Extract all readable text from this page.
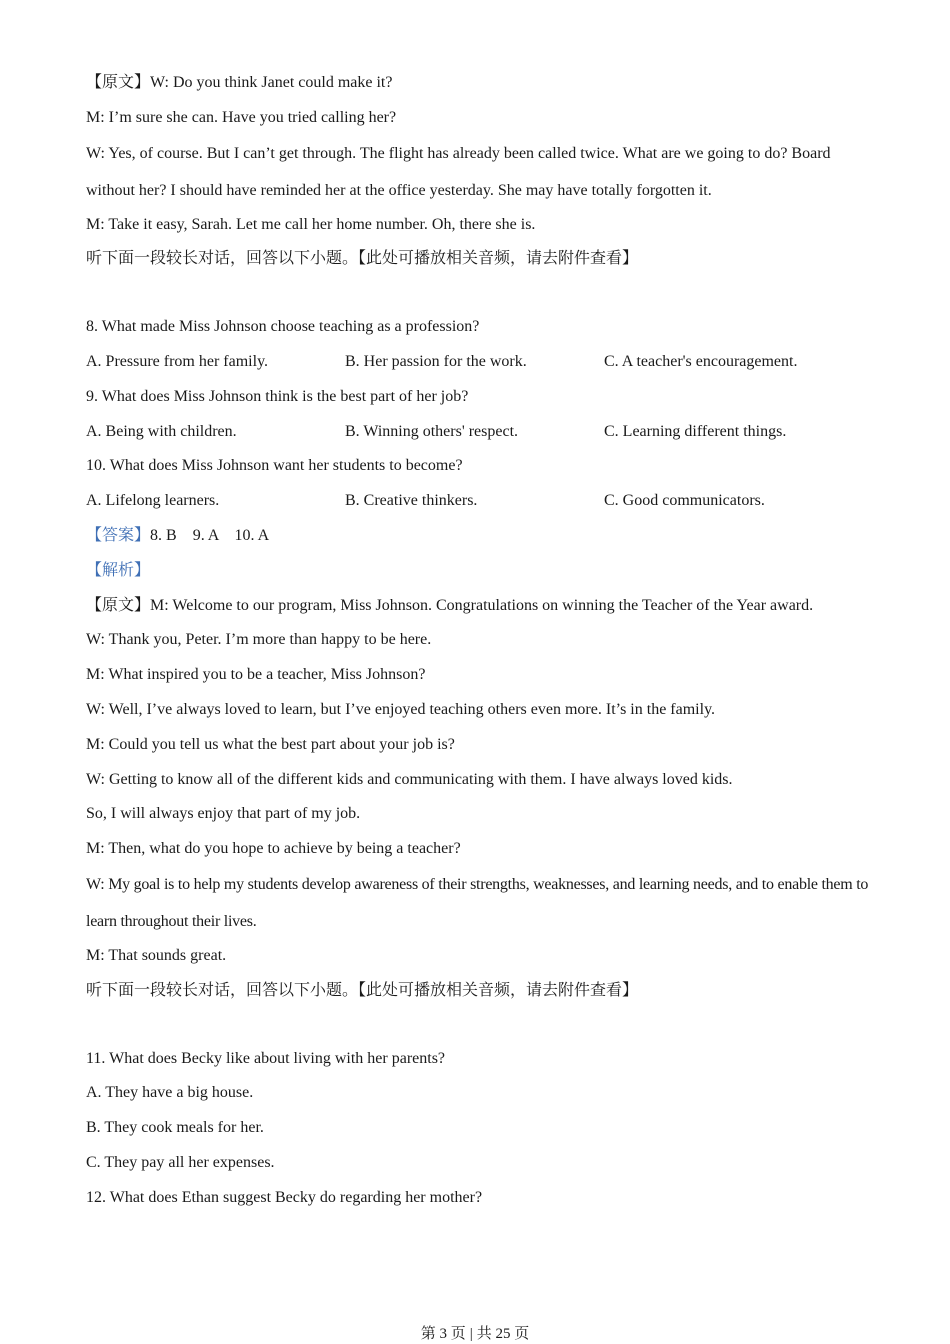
【原文】W: Do you think Janet could make it?
M: I’m sure she can. Have you tried calling her?
W: Yes, of course. But I can’t get through. The flight has already been called twice. What are we going to do? Board without her? I should have reminded her at the office yesterday. She may have totally forgotten it.
M: Take it easy, Sarah. Let me call her home number. Oh, there she is.
听下面一段较长对话，回答以下小题。【此处可播放相关音频，请去附件查看】
8. What made Miss Johnson choose teaching as a profession?
A. Pressure from her family.	B. Her passion for the work.	C. A teacher's encouragement.
9. What does Miss Johnson think is the best part of her job?
A. Being with children.	B. Winning others' respect.	C. Learning different things.
10. What does Miss Johnson want her students to become?
A. Lifelong learners.	B. Creative thinkers.	C. Good communicators.
【答案】8. B    9. A    10. A
【解析】
【原文】M: Welcome to our program, Miss Johnson. Congratulations on winning the Teacher of the Year award.
W: Thank you, Peter. I’m more than happy to be here.
M: What inspired you to be a teacher, Miss Johnson?
W: Well, I’ve always loved to learn, but I’ve enjoyed teaching others even more. It’s in the family.
M: Could you tell us what the best part about your job is?
W: Getting to know all of the different kids and communicating with them. I have always loved kids.
So, I will always enjoy that part of my job.
M: Then, what do you hope to achieve by being a teacher?
W: My goal is to help my students develop awareness of their strengths, weaknesses, and learning needs, and to enable them to learn throughout their lives.
M: That sounds great.
听下面一段较长对话，回答以下小题。【此处可播放相关音频，请去附件查看】
11. What does Becky like about living with her parents?
A. They have a big house.
B. They cook meals for her.
C. They pay all her expenses.
12. What does Ethan suggest Becky do regarding her mother?
第 3 页 | 共 25 页
